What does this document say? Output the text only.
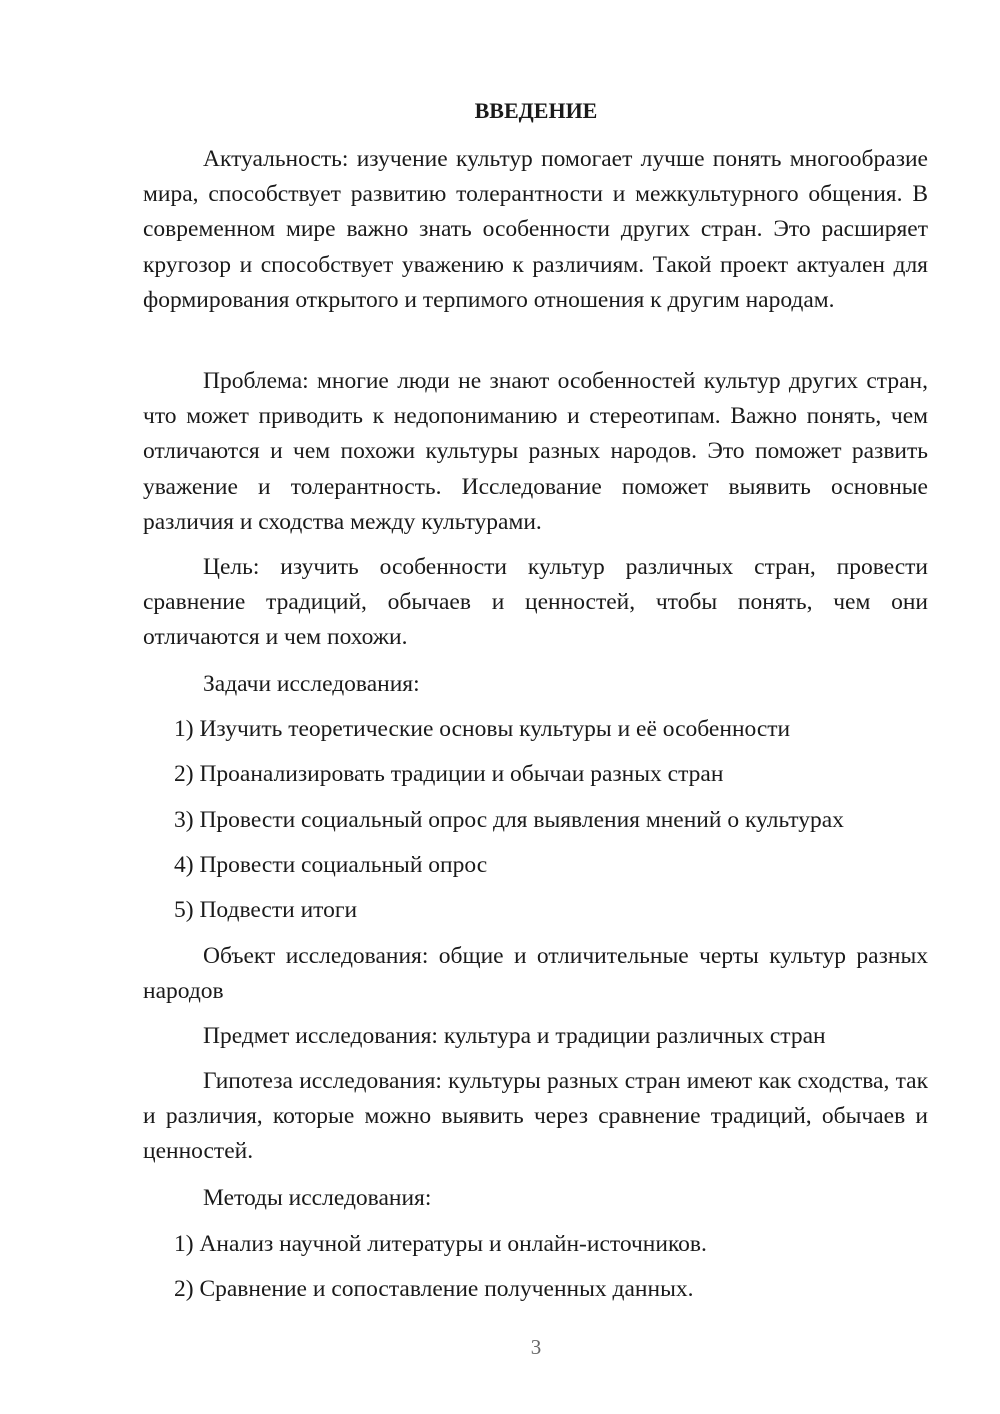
ВВЕДЕНИЕ

Актуальность: изучение культур помогает лучше понять многообразие мира, способствует развитию толерантности и межкультурного общения. В современном мире важно знать особенности других стран. Это расширяет кругозор и способствует уважению к различиям. Такой проект актуален для формирования открытого и терпимого отношения к другим народам.

Проблема: многие люди не знают особенностей культур других стран, что может приводить к недопониманию и стереотипам. Важно понять, чем отличаются и чем похожи культуры разных народов. Это поможет развить уважение и толерантность. Исследование поможет выявить основные различия и сходства между культурами.

Цель: изучить особенности культур различных стран, провести сравнение традиций, обычаев и ценностей, чтобы понять, чем они отличаются и чем похожи.

Задачи исследования:

1) Изучить теоретические основы культуры и её особенности
2) Проанализировать традиции и обычаи разных стран
3) Провести социальный опрос для выявления мнений о культурах
4) Провести социальный опрос
5) Подвести итоги

Объект исследования: общие и отличительные черты культур разных народов

Предмет исследования: культура и традиции различных стран

Гипотеза исследования: культуры разных стран имеют как сходства, так и различия, которые можно выявить через сравнение традиций, обычаев и ценностей.

Методы исследования:

1) Анализ научной литературы и онлайн-источников.
2) Сравнение и сопоставление полученных данных.
3
